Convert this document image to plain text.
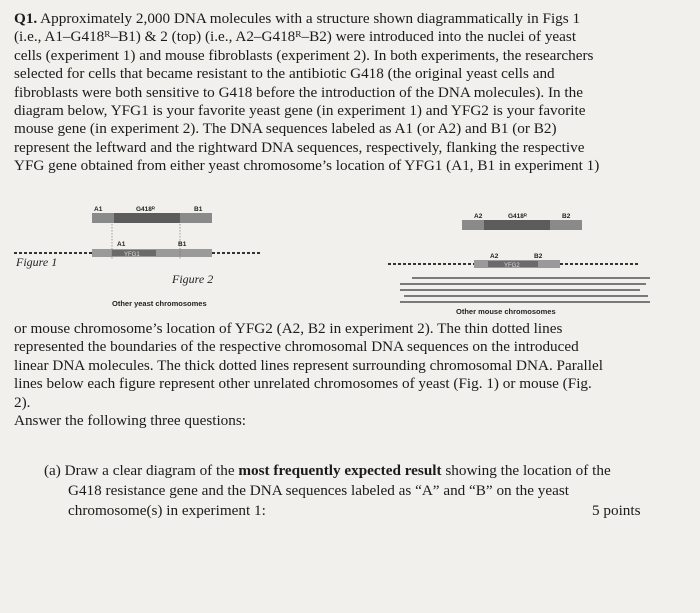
Q1. Approximately 2,000 DNA molecules with a structure shown diagrammatically in Figs 1
(i.e., A1–G418ᴿ–B1) & 2 (top) (i.e., A2–G418ᴿ–B2) were introduced into the nuclei of yeast
cells (experiment 1) and mouse fibroblasts (experiment 2). In both experiments, the researchers
selected for cells that became resistant to the antibiotic G418 (the original yeast cells and
fibroblasts were both sensitive to G418 before the introduction of the DNA molecules). In the
diagram below, YFG1 is your favorite yeast gene (in experiment 1) and YFG2 is your favorite
mouse gene (in experiment 2). The DNA sequences labeled as A1 (or A2) and B1 (or B2)
represent the leftward and the rightward DNA sequences, respectively, flanking the respective
YFG gene obtained from either yeast chromosome’s location of YFG1 (A1, B1 in experiment 1)
A1	G418ᴿ	B1
YFG1
A1	B1
Figure 1
Figure 2
Other yeast chromosomes
A2	G418ᴿ	B2
YFG2
A2	B2
Other mouse chromosomes
or mouse chromosome’s location of YFG2 (A2, B2 in experiment 2). The thin dotted lines
represented the boundaries of the respective chromosomal DNA sequences on the introduced
linear DNA molecules. The thick dotted lines represent surrounding chromosomal DNA. Parallel
lines below each figure represent other unrelated chromosomes of yeast (Fig. 1) or mouse (Fig.
2).
Answer the following three questions:
(a) Draw a clear diagram of the most frequently expected result showing the location of the
G418 resistance gene and the DNA sequences labeled as “A” and “B” on the yeast
chromosome(s) in experiment 1:	5 points
